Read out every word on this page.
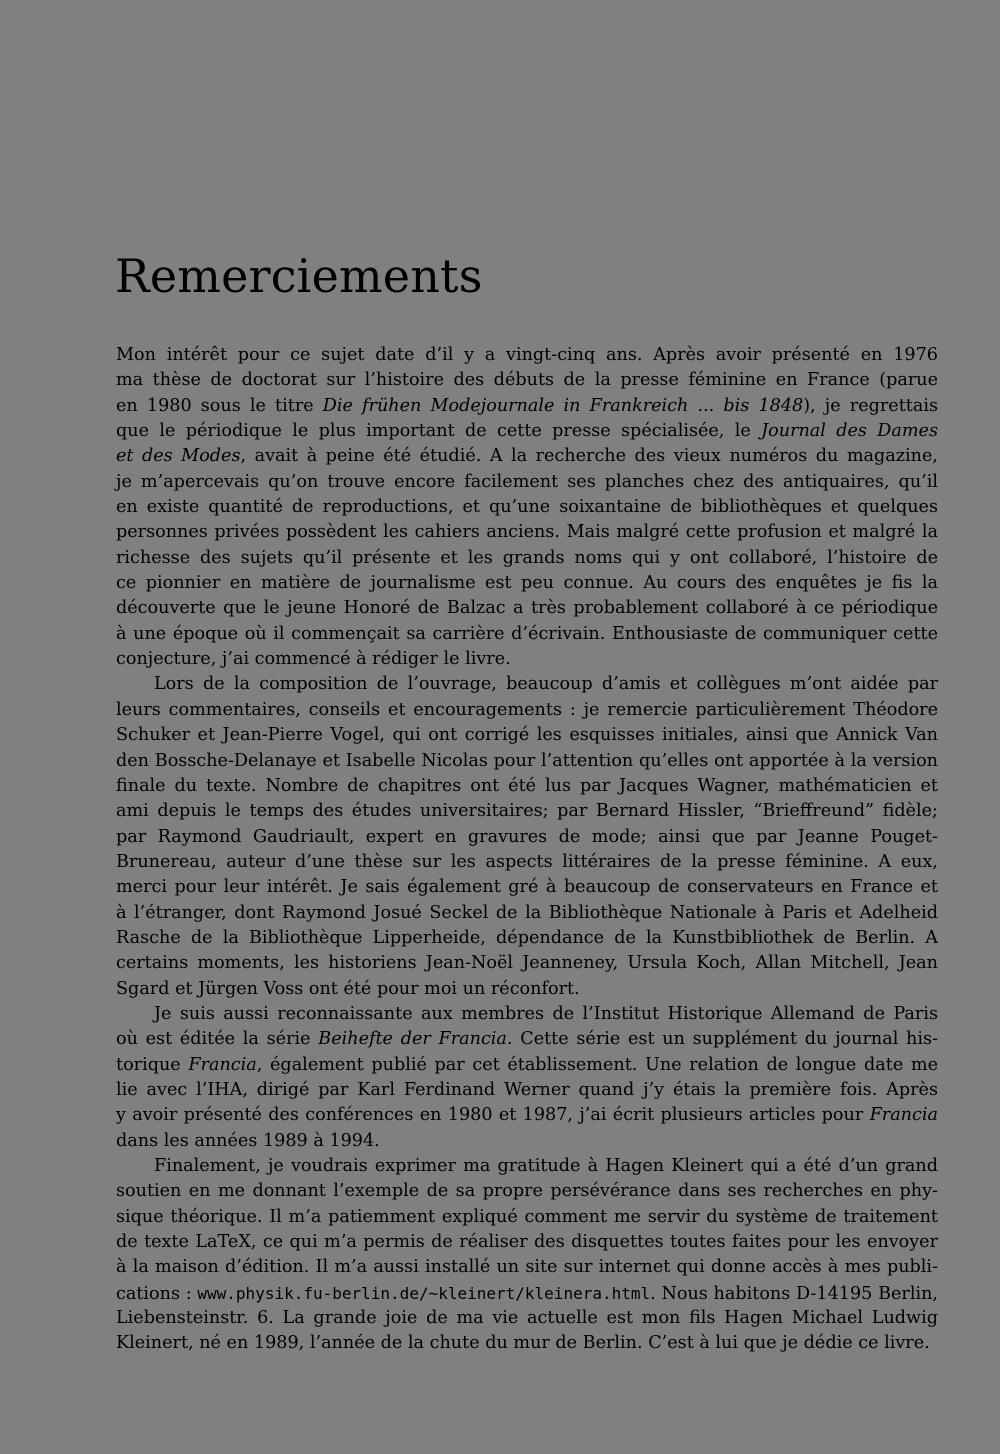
Remerciements
Mon intérêt pour ce sujet date d’il y a vingt-cinq ans. Après avoir présenté en 1976
ma thèse de doctorat sur l’histoire des débuts de la presse féminine en France (parue
en 1980 sous le titre Die frühen Modejournale in Frankreich ... bis 1848), je regrettais
que le périodique le plus important de cette presse spécialisée, le Journal des Dames
et des Modes, avait à peine été étudié. A la recherche des vieux numéros du magazine,
je m’apercevais qu’on trouve encore facilement ses planches chez des antiquaires, qu’il
en existe quantité de reproductions, et qu’une soixantaine de bibliothèques et quelques
personnes privées possèdent les cahiers anciens. Mais malgré cette profusion et malgré la
richesse des sujets qu’il présente et les grands noms qui y ont collaboré, l’histoire de
ce pionnier en matière de journalisme est peu connue. Au cours des enquêtes je fis la
découverte que le jeune Honoré de Balzac a très probablement collaboré à ce périodique
à une époque où il commençait sa carrière d’écrivain. Enthousiaste de communiquer cette
conjecture, j’ai commencé à rédiger le livre.
Lors de la composition de l’ouvrage, beaucoup d’amis et collègues m’ont aidée par
leurs commentaires, conseils et encouragements : je remercie particulièrement Théodore
Schuker et Jean-Pierre Vogel, qui ont corrigé les esquisses initiales, ainsi que Annick Van
den Bossche-Delanaye et Isabelle Nicolas pour l’attention qu’elles ont apportée à la version
finale du texte. Nombre de chapitres ont été lus par Jacques Wagner, mathématicien et
ami depuis le temps des études universitaires; par Bernard Hissler, “Brieffreund” fidèle;
par Raymond Gaudriault, expert en gravures de mode; ainsi que par Jeanne Pouget-
Brunereau, auteur d’une thèse sur les aspects littéraires de la presse féminine. A eux,
merci pour leur intérêt. Je sais également gré à beaucoup de conservateurs en France et
à l’étranger, dont Raymond Josué Seckel de la Bibliothèque Nationale à Paris et Adelheid
Rasche de la Bibliothèque Lipperheide, dépendance de la Kunstbibliothek de Berlin. A
certains moments, les historiens Jean-Noël Jeanneney, Ursula Koch, Allan Mitchell, Jean
Sgard et Jürgen Voss ont été pour moi un réconfort.
Je suis aussi reconnaissante aux membres de l’Institut Historique Allemand de Paris
où est éditée la série Beihefte der Francia. Cette série est un supplément du journal his-
torique Francia, également publié par cet établissement. Une relation de longue date me
lie avec l’IHA, dirigé par Karl Ferdinand Werner quand j’y étais la première fois. Après
y avoir présenté des conférences en 1980 et 1987, j’ai écrit plusieurs articles pour Francia
dans les années 1989 à 1994.
Finalement, je voudrais exprimer ma gratitude à Hagen Kleinert qui a été d’un grand
soutien en me donnant l’exemple de sa propre persévérance dans ses recherches en phy-
sique théorique. Il m’a patiemment expliqué comment me servir du système de traitement
de texte LaTeX, ce qui m’a permis de réaliser des disquettes toutes faites pour les envoyer
à la maison d’édition. Il m’a aussi installé un site sur internet qui donne accès à mes publi-
cations : www.physik.fu-berlin.de/~kleinert/kleinera.html. Nous habitons D-14195 Berlin,
Liebensteinstr. 6. La grande joie de ma vie actuelle est mon fils Hagen Michael Ludwig
Kleinert, né en 1989, l’année de la chute du mur de Berlin. C’est à lui que je dédie ce livre.
